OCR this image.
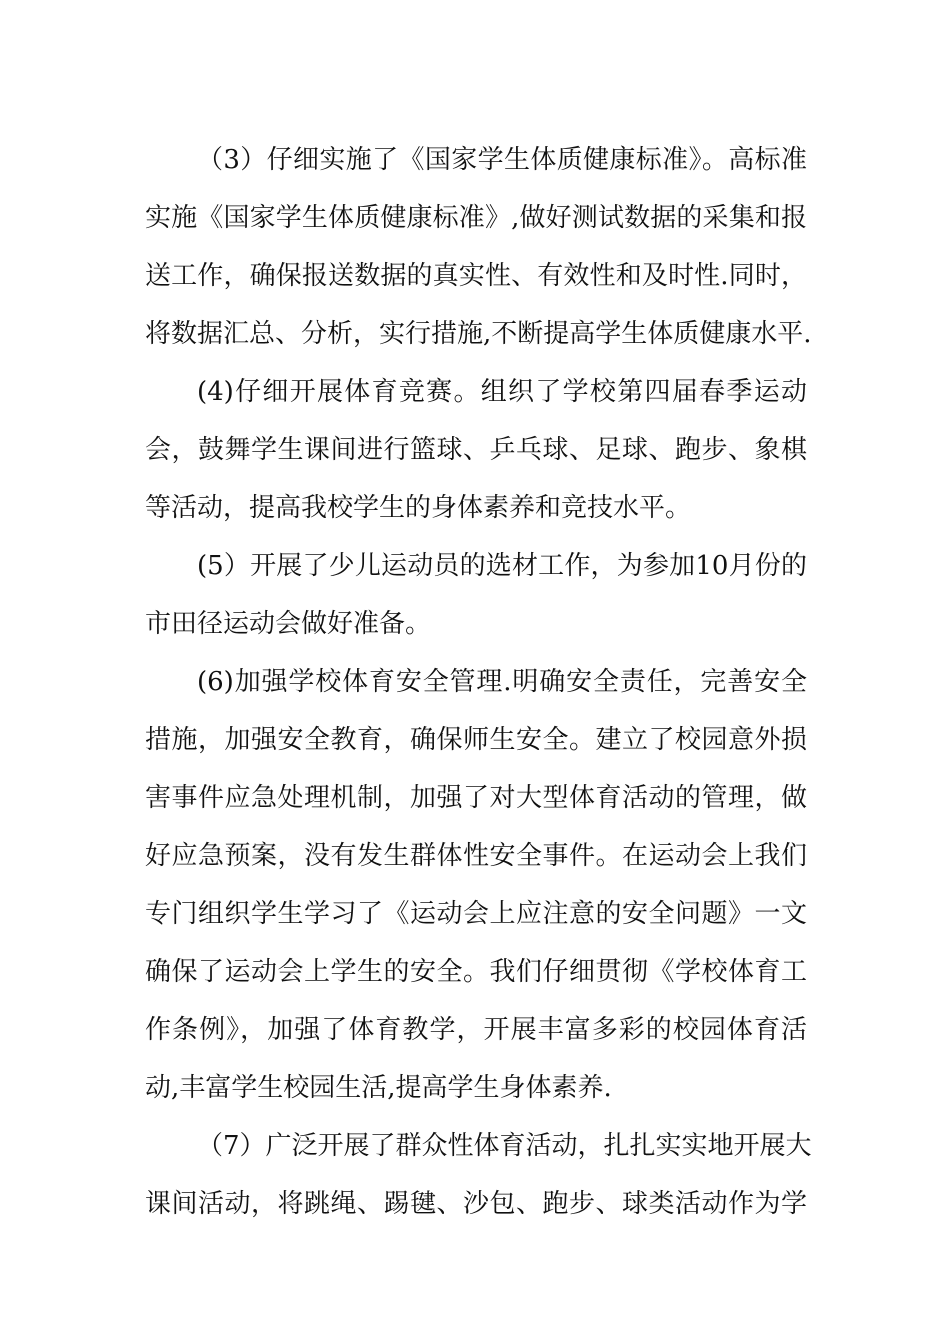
（3）仔细实施了《国家学生体质健康标准》。高标准
实施《国家学生体质健康标准》,做好测试数据的采集和报
送工作，确保报送数据的真实性、有效性和及时性.同时，
将数据汇总、分析，实行措施,不断提高学生体质健康水平.

(4)仔细开展体育竞赛。组织了学校第四届春季运动
会，鼓舞学生课间进行篮球、乒乓球、足球、跑步、象棋
等活动，提高我校学生的身体素养和竞技水平。

(5）开展了少儿运动员的选材工作，为参加10月份的
市田径运动会做好准备。

(6)加强学校体育安全管理.明确安全责任，完善安全
措施，加强安全教育，确保师生安全。建立了校园意外损
害事件应急处理机制，加强了对大型体育活动的管理，做
好应急预案，没有发生群体性安全事件。在运动会上我们
专门组织学生学习了《运动会上应注意的安全问题》一文
确保了运动会上学生的安全。我们仔细贯彻《学校体育工
作条例》，加强了体育教学，开展丰富多彩的校园体育活
动,丰富学生校园生活,提高学生身体素养.

（7）广泛开展了群众性体育活动，扎扎实实地开展大
课间活动，将跳绳、踢毽、沙包、跑步、球类活动作为学
